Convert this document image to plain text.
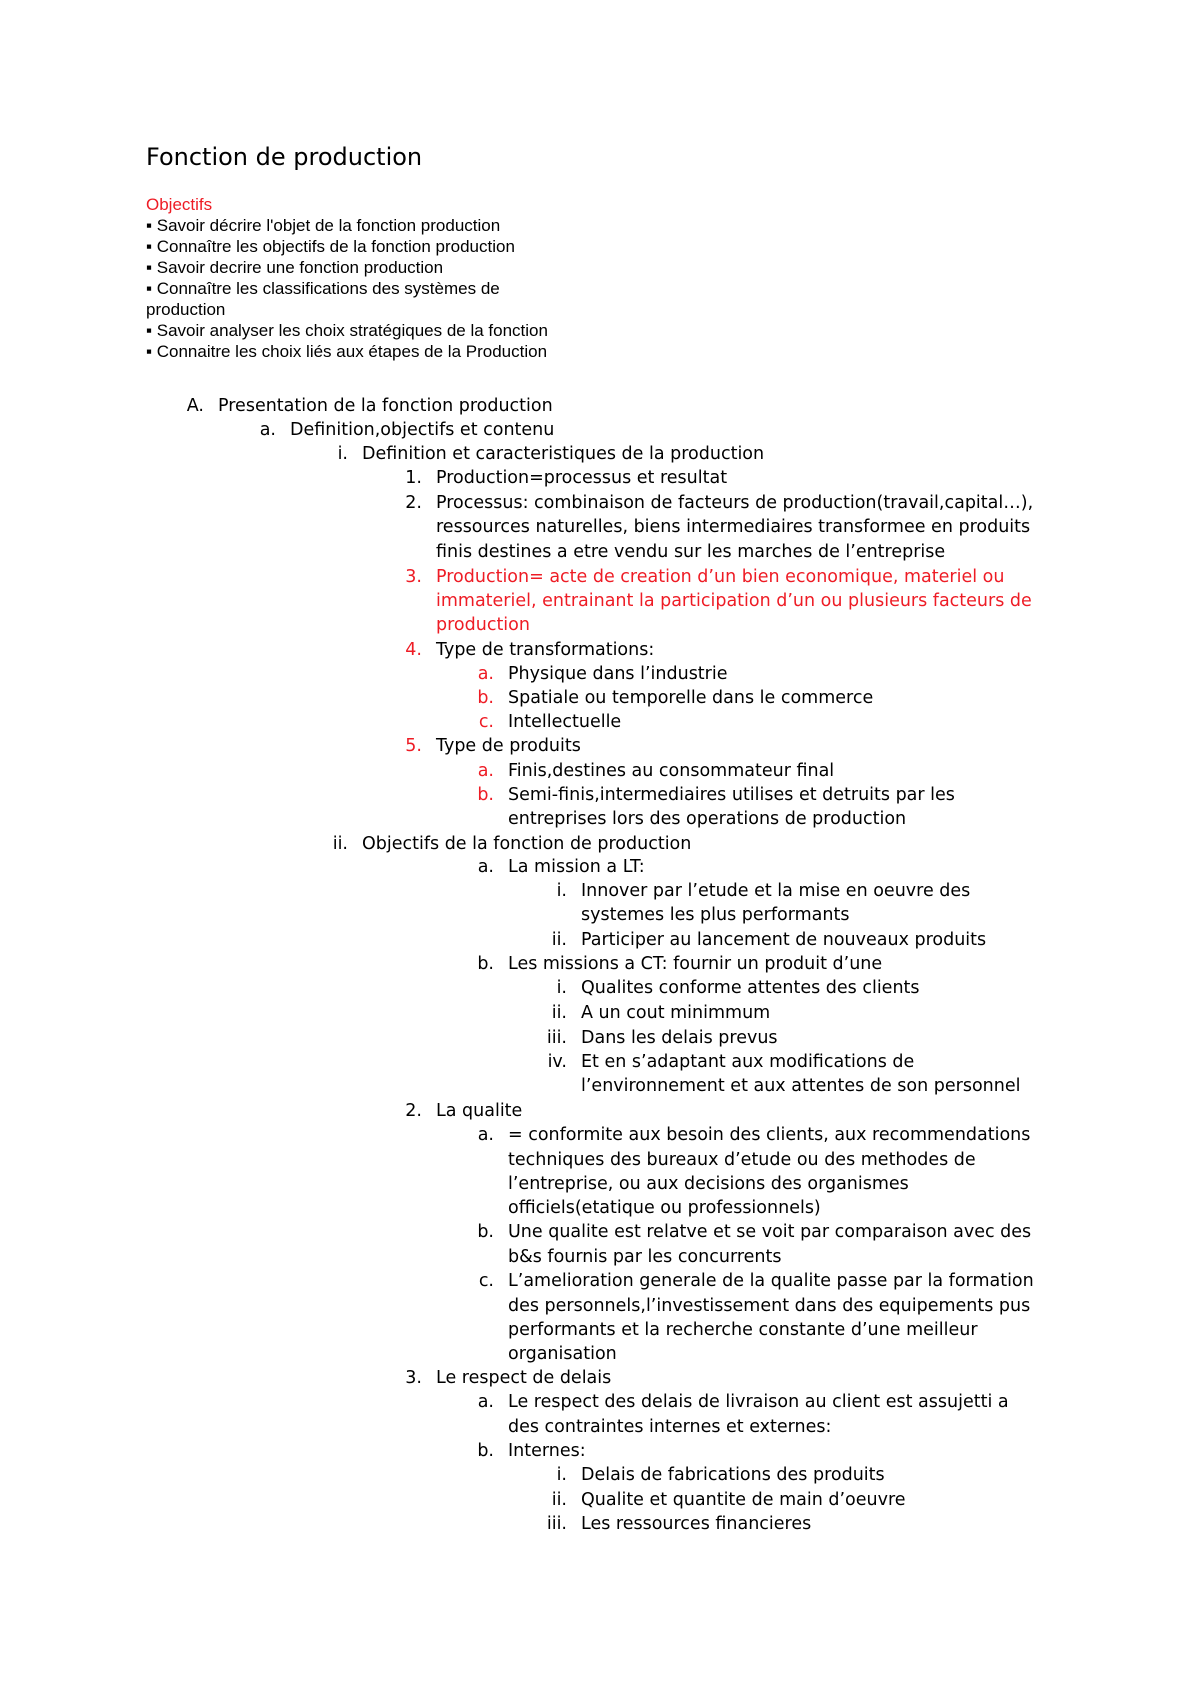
Fonction de production
Objectifs
▪ Savoir décrire l'objet de la fonction production
▪ Connaître les objectifs de la fonction production
▪ Savoir decrire une fonction production
▪ Connaître les classifications des systèmes de
production
▪ Savoir analyser les choix stratégiques de la fonction
▪ Connaitre les choix liés aux étapes de la Production
A. Presentation de la fonction production
a. Definition,objectifs et contenu
i. Definition et caracteristiques de la production
1. Production=processus et resultat
2. Processus: combinaison de facteurs de production(travail,capital…),
ressources naturelles, biens intermediaires transformee en produits
finis destines a etre vendu sur les marches de l’entreprise
3. Production= acte de creation d’un bien economique, materiel ou
immateriel, entrainant la participation d’un ou plusieurs facteurs de
production
4. Type de transformations:
a. Physique dans l’industrie
b. Spatiale ou temporelle dans le commerce
c. Intellectuelle
5. Type de produits
a. Finis,destines au consommateur final
b. Semi-finis,intermediaires utilises et detruits par les
entreprises lors des operations de production
ii. Objectifs de la fonction de production
a. La mission a LT:
i. Innover par l’etude et la mise en oeuvre des
systemes les plus performants
ii. Participer au lancement de nouveaux produits
b. Les missions a CT: fournir un produit d’une
i. Qualites conforme attentes des clients
ii. A un cout minimmum
iii. Dans les delais prevus
iv. Et en s’adaptant aux modifications de
l’environnement et aux attentes de son personnel
2. La qualite
a. = conformite aux besoin des clients, aux recommendations
techniques des bureaux d’etude ou des methodes de
l’entreprise, ou aux decisions des organismes
officiels(etatique ou professionnels)
b. Une qualite est relatve et se voit par comparaison avec des
b&s fournis par les concurrents
c. L’amelioration generale de la qualite passe par la formation
des personnels,l’investissement dans des equipements pus
performants et la recherche constante d’une meilleur
organisation
3. Le respect de delais
a. Le respect des delais de livraison au client est assujetti a
des contraintes internes et externes:
b. Internes:
i. Delais de fabrications des produits
ii. Qualite et quantite de main d’oeuvre
iii. Les ressources financieres
